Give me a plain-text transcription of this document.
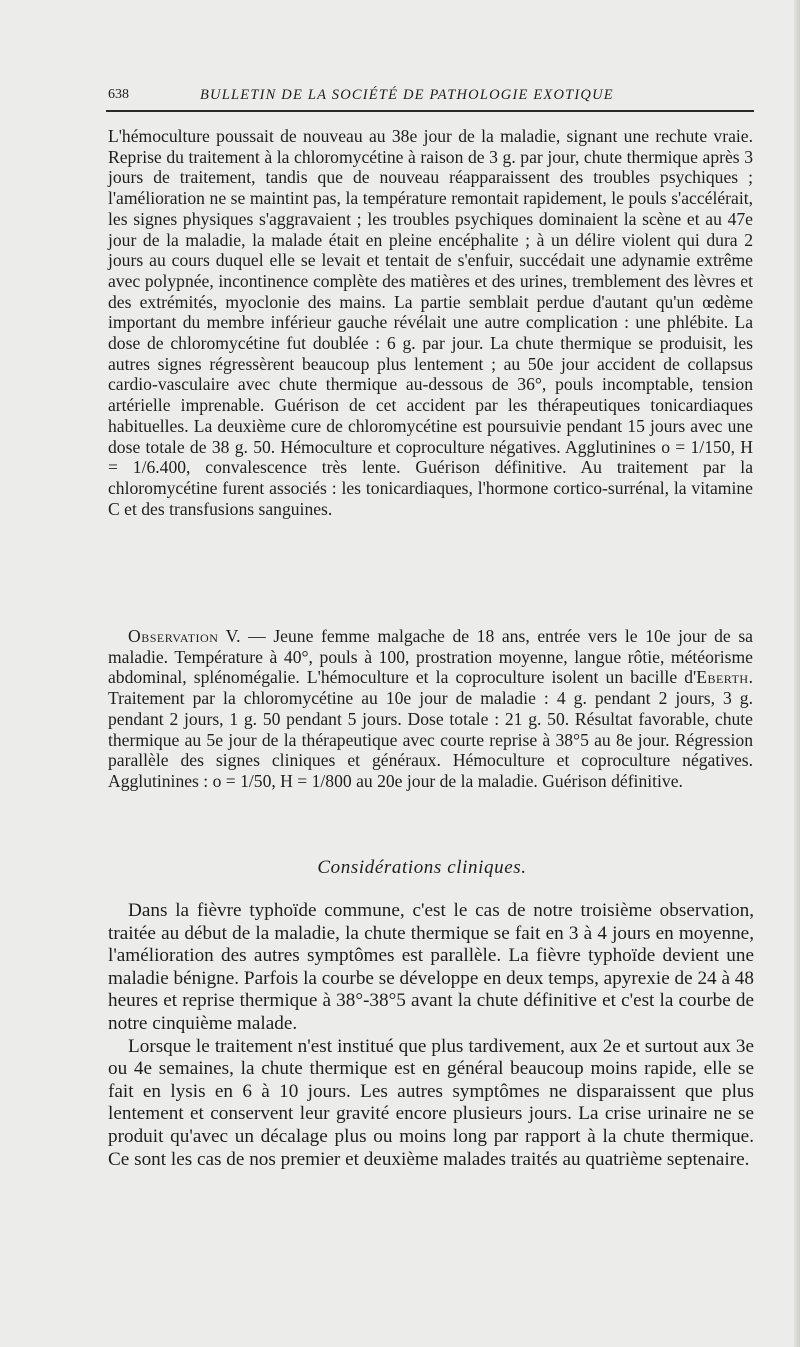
638	BULLETIN DE LA SOCIÉTÉ DE PATHOLOGIE EXOTIQUE

L'hémoculture poussait de nouveau au 38e jour de la maladie, signant une rechute vraie. Reprise du traitement à la chloromycétine à raison de 3 g. par jour, chute thermique après 3 jours de traitement, tandis que de nouveau réapparaissent des troubles psychiques ; l'amélioration ne se maintint pas, la température remontait rapidement, le pouls s'accélérait, les signes physiques s'aggravaient ; les troubles psychiques dominaient la scène et au 47e jour de la maladie, la malade était en pleine encéphalite ; à un délire violent qui dura 2 jours au cours duquel elle se levait et tentait de s'enfuir, succédait une adynamie extrême avec polypnée, incontinence complète des matières et des urines, tremblement des lèvres et des extrémités, myoclonie des mains. La partie semblait perdue d'autant qu'un œdème important du membre inférieur gauche révélait une autre complication : une phlébite. La dose de chloromycétine fut doublée : 6 g. par jour. La chute thermique se produisit, les autres signes régressèrent beaucoup plus lentement ; au 50e jour accident de collapsus cardio-vasculaire avec chute thermique au-dessous de 36°, pouls incomptable, tension artérielle imprenable. Guérison de cet accident par les thérapeutiques tonicardiaques habituelles. La deuxième cure de chloromycétine est poursuivie pendant 15 jours avec une dose totale de 38 g. 50. Hémoculture et coproculture négatives. Agglutinines o = 1/150, H = 1/6.400, convalescence très lente. Guérison définitive. Au traitement par la chloromycétine furent associés : les tonicardiaques, l'hormone cortico-surrénal, la vitamine C et des transfusions sanguines.

Observation V. — Jeune femme malgache de 18 ans, entrée vers le 10e jour de sa maladie. Température à 40°, pouls à 100, prostration moyenne, langue rôtie, météorisme abdominal, splénomégalie. L'hémoculture et la coproculture isolent un bacille d'Eberth. Traitement par la chloromycétine au 10e jour de maladie : 4 g. pendant 2 jours, 3 g. pendant 2 jours, 1 g. 50 pendant 5 jours. Dose totale : 21 g. 50. Résultat favorable, chute thermique au 5e jour de la thérapeutique avec courte reprise à 38°5 au 8e jour. Régression parallèle des signes cliniques et généraux. Hémoculture et coproculture négatives. Agglutinines : o = 1/50, H = 1/800 au 20e jour de la maladie. Guérison définitive.

Considérations cliniques.

Dans la fièvre typhoïde commune, c'est le cas de notre troisième observation, traitée au début de la maladie, la chute thermique se fait en 3 à 4 jours en moyenne, l'amélioration des autres symptômes est parallèle. La fièvre typhoïde devient une maladie bénigne. Parfois la courbe se développe en deux temps, apyrexie de 24 à 48 heures et reprise thermique à 38°-38°5 avant la chute définitive et c'est la courbe de notre cinquième malade.

Lorsque le traitement n'est institué que plus tardivement, aux 2e et surtout aux 3e ou 4e semaines, la chute thermique est en général beaucoup moins rapide, elle se fait en lysis en 6 à 10 jours. Les autres symptômes ne disparaissent que plus lentement et conservent leur gravité encore plusieurs jours. La crise urinaire ne se produit qu'avec un décalage plus ou moins long par rapport à la chute thermique. Ce sont les cas de nos premier et deuxième malades traités au quatrième septenaire.
